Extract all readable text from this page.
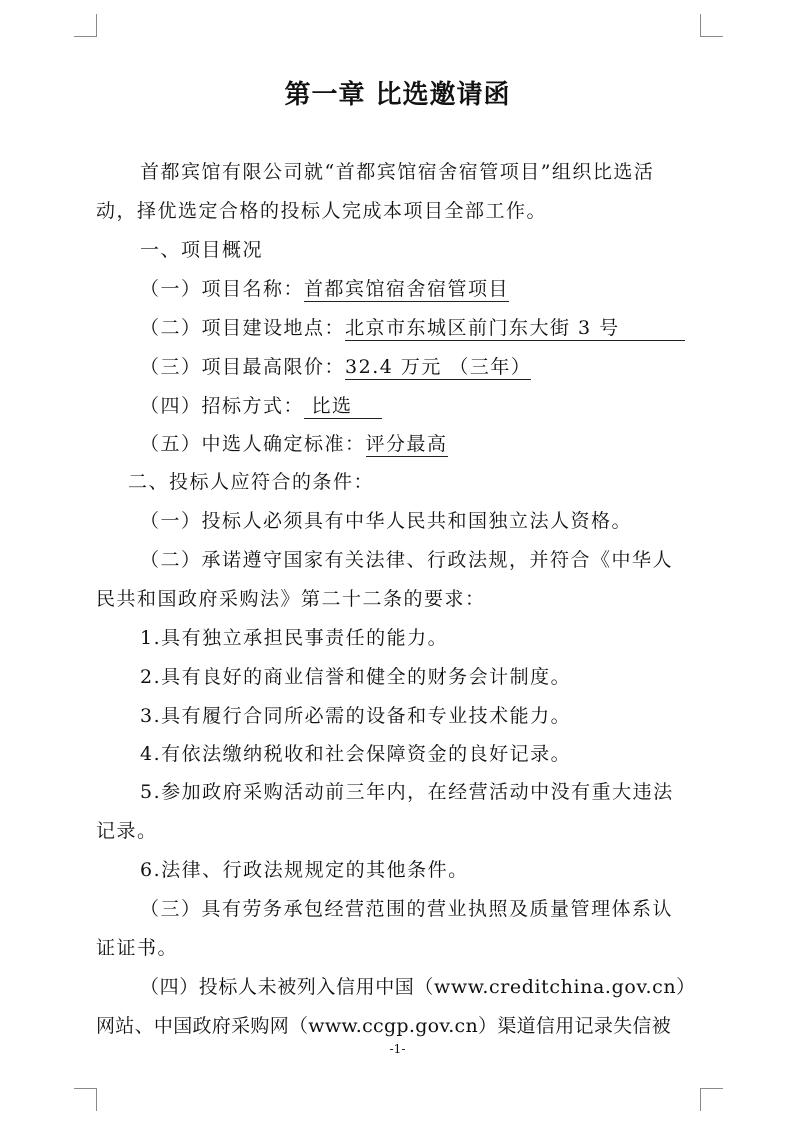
第一章 比选邀请函
首都宾馆有限公司就“首都宾馆宿舍宿管项目”组织比选活
动，择优选定合格的投标人完成本项目全部工作。
一、项目概况
（一）项目名称：首都宾馆宿舍宿管项目
（二）项目建设地点：北京市东城区前门东大街 3 号
（三）项目最高限价：32.4 万元 （三年）
（四）招标方式： 比选
（五）中选人确定标准：评分最高
二、投标人应符合的条件：
（一）投标人必须具有中华人民共和国独立法人资格。
（二）承诺遵守国家有关法律、行政法规，并符合《中华人
民共和国政府采购法》第二十二条的要求：
1.具有独立承担民事责任的能力。
2.具有良好的商业信誉和健全的财务会计制度。
3.具有履行合同所必需的设备和专业技术能力。
4.有依法缴纳税收和社会保障资金的良好记录。
5.参加政府采购活动前三年内，在经营活动中没有重大违法
记录。
6.法律、行政法规规定的其他条件。
（三）具有劳务承包经营范围的营业执照及质量管理体系认
证证书。
（四）投标人未被列入信用中国（www.creditchina.gov.cn）
网站、中国政府采购网（www.ccgp.gov.cn）渠道信用记录失信被
-1-
